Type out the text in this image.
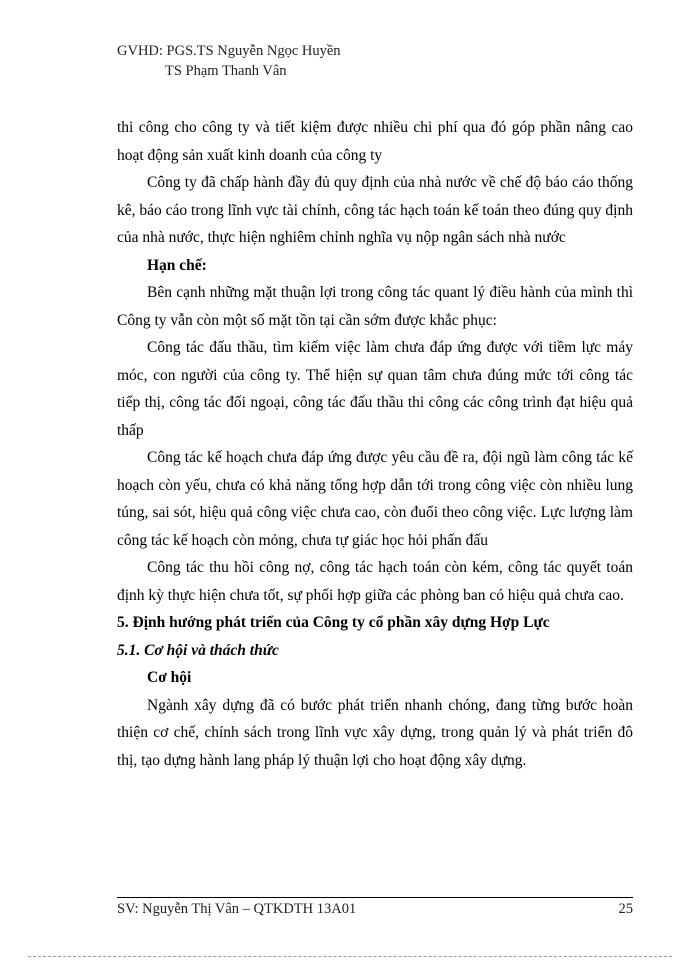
GVHD: PGS.TS Nguyễn Ngọc Huyền
TS Phạm Thanh Vân

thi công cho công ty và tiết kiệm được nhiều chi phí qua đó góp phần nâng cao hoạt động sản xuất kinh doanh của công ty

Công ty đã chấp hành đầy đủ quy định của nhà nước về chế độ báo cáo thống kê, báo cáo trong lĩnh vực tài chính, công tác hạch toán kế toán theo đúng quy định của nhà nước, thực hiện nghiêm chỉnh nghĩa vụ nộp ngân sách nhà nước

Hạn chế:

Bên cạnh những mặt thuận lợi trong công tác quant lý điều hành của mình thì Công ty vẫn còn một số mặt tồn tại cần sớm được khắc phục:

Công tác đấu thầu, tìm kiếm việc làm chưa đáp ứng được với tiềm lực máy móc, con người của công ty. Thể hiện sự quan tâm chưa đúng mức tới công tác tiếp thị, công tác đối ngoại, công tác đấu thầu thi công các công trình đạt hiệu quả thấp

Công tác kế hoạch chưa đáp ứng được yêu cầu đề ra, đội ngũ làm công tác kế hoạch còn yếu, chưa có khả năng tổng hợp dẫn tới trong công việc còn nhiều lung túng, sai sót, hiệu quả công việc chưa cao, còn đuổi theo công việc. Lực lượng làm công tác kế hoạch còn mỏng, chưa tự giác học hỏi phấn đấu

Công tác thu hồi công nợ, công tác hạch toán còn kém, công tác quyết toán định kỳ thực hiện chưa tốt, sự phối hợp giữa các phòng ban có hiệu quả chưa cao.

5. Định hướng phát triển của Công ty cổ phần xây dựng Hợp Lực

5.1. Cơ hội và thách thức

Cơ hội

Ngành xây dựng đã có bước phát triển nhanh chóng, đang từng bước hoàn thiện cơ chế, chính sách trong lĩnh vực xây dựng, trong quản lý và phát triển đô thị, tạo dựng hành lang pháp lý thuận lợi cho hoạt động xây dựng.

SV: Nguyễn Thị Vân – QTKDTH 13A01	25
